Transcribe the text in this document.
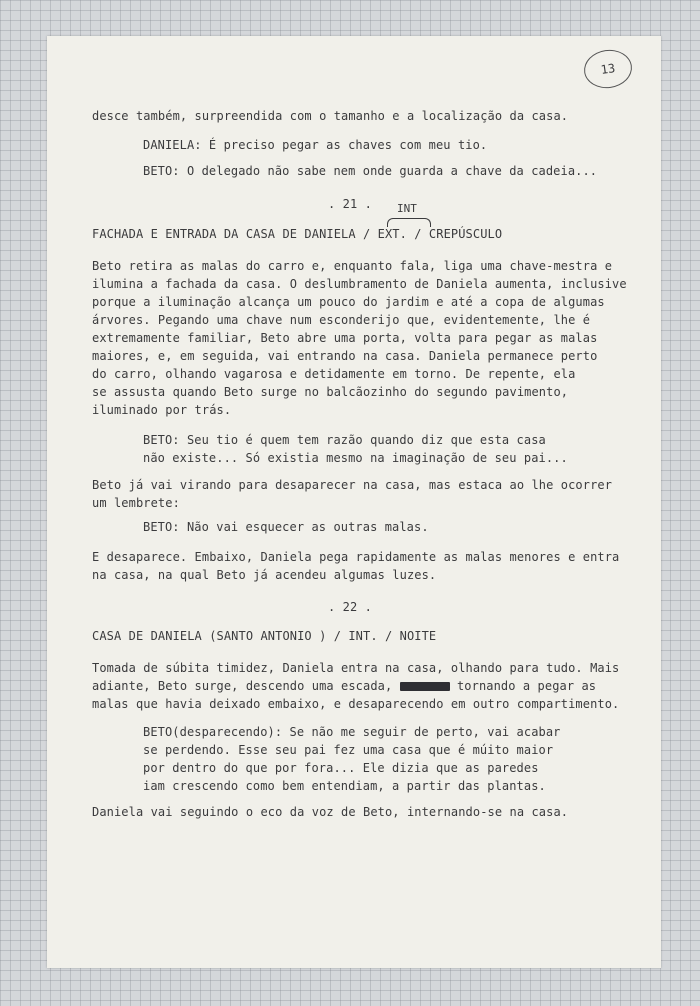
13

desce também, surpreendida com o tamanho e a localização da casa.

DANIELA: É preciso pegar as chaves com meu tio.

BETO: O delegado não sabe nem onde guarda a chave da cadeia...

. 21 .

FACHADA E ENTRADA DA CASA DE DANIELA / EXT. / CREPÚSCULO

INT

Beto retira as malas do carro e, enquanto fala, liga uma chave-mestra e

ilumina a fachada da casa. O deslumbramento de Daniela aumenta, inclusive

porque a iluminação alcança um pouco do jardim e até a copa de algumas

árvores. Pegando uma chave num esconderijo que, evidentemente, lhe é

extremamente familiar, Beto abre uma porta, volta para pegar as malas

maiores, e, em seguida, vai entrando na casa. Daniela permanece perto

do carro, olhando vagarosa e detidamente em torno. De repente, ela

se assusta quando Beto surge no balcãozinho do segundo pavimento,

iluminado por trás.

BETO: Seu tio é quem tem razão quando diz que esta casa

não existe... Só existia mesmo na imaginação de seu pai...

Beto já vai virando para desaparecer na casa, mas estaca ao lhe ocorrer

um lembrete:

BETO: Não vai esquecer as outras malas.

E desaparece. Embaixo, Daniela pega rapidamente as malas menores e entra

na casa, na qual Beto já acendeu algumas luzes.

. 22 .

CASA DE DANIELA (SANTO ANTONIO ) / INT. / NOITE

Tomada de súbita timidez, Daniela entra na casa, olhando para tudo. Mais

adiante, Beto surge, descendo uma escada,	tornando a pegar as

malas que havia deixado embaixo, e desaparecendo em outro compartimento.

BETO(desparecendo): Se não me seguir de perto, vai acabar

se perdendo. Esse seu pai fez uma casa que é múito maior

por dentro do que por fora... Ele dizia que as paredes

iam crescendo como bem entendiam, a partir das plantas.

Daniela vai seguindo o eco da voz de Beto, internando-se na casa.
